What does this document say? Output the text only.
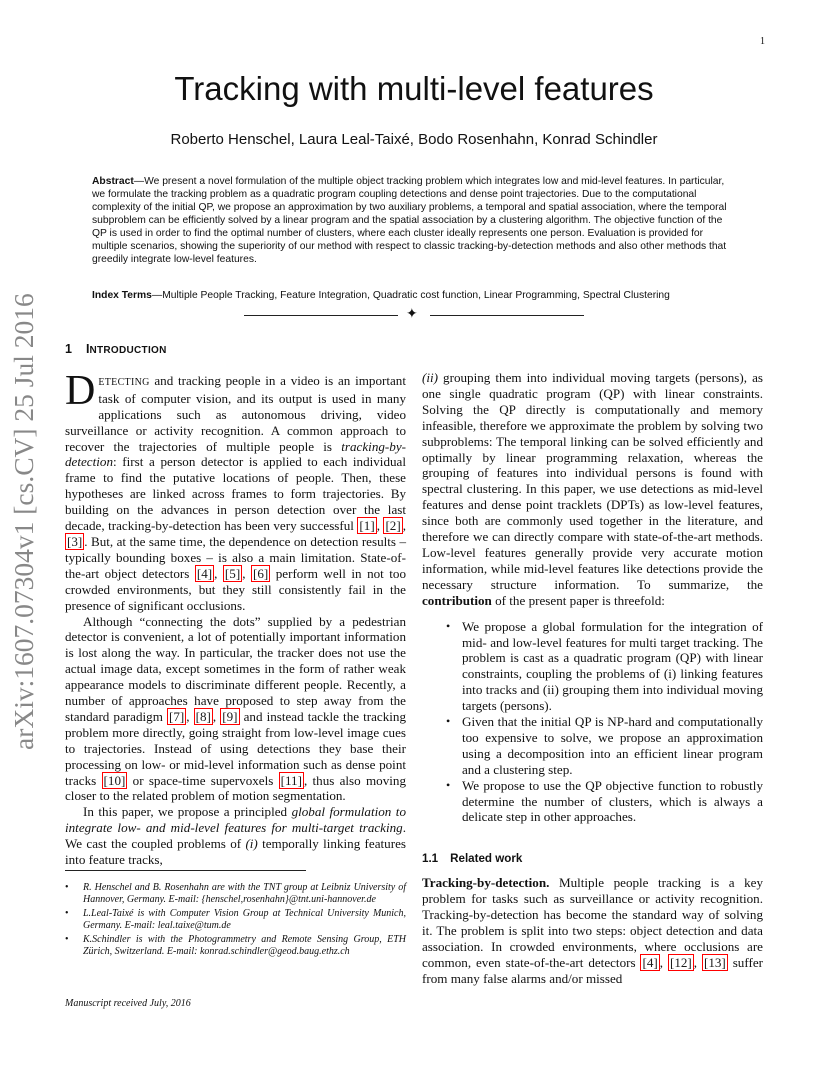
1
arXiv:1607.07304v1 [cs.CV] 25 Jul 2016
Tracking with multi-level features
Roberto Henschel, Laura Leal-Taixé, Bodo Rosenhahn, Konrad Schindler

Abstract—We present a novel formulation of the multiple object tracking problem which integrates low and mid-level features. In particular, we formulate the tracking problem as a quadratic program coupling detections and dense point trajectories. Due to the computational complexity of the initial QP, we propose an approximation by two auxiliary problems, a temporal and spatial association, where the temporal subproblem can be efficiently solved by a linear program and the spatial association by a clustering algorithm. The objective function of the QP is used in order to find the optimal number of clusters, where each cluster ideally represents one person. Evaluation is provided for multiple scenarios, showing the superiority of our method with respect to classic tracking-by-detection methods and also other methods that greedily integrate low-level features.

Index Terms—Multiple People Tracking, Feature Integration, Quadratic cost function, Linear Programming, Spectral Clustering

✦

1 INTRODUCTION

DETECTING and tracking people in a video is an important task of computer vision, and its output is used in many applications such as autonomous driving, video surveillance or activity recognition. A common approach to recover the trajectories of multiple people is tracking-by-detection: first a person detector is applied to each individual frame to find the putative locations of people. Then, these hypotheses are linked across frames to form trajectories. By building on the advances in person detection over the last decade, tracking-by-detection has been very successful [1] , [2] , [3] . But, at the same time, the dependence on detection results – typically bounding boxes – is also a main limitation. State-of-the-art object detectors [4] , [5] , [6] perform well in not too crowded environments, but they still consistently fail in the presence of significant occlusions.

Although “connecting the dots” supplied by a pedestrian detector is convenient, a lot of potentially important information is lost along the way. In particular, the tracker does not use the actual image data, except sometimes in the form of rather weak appearance models to discriminate different people. Recently, a number of approaches have proposed to step away from the standard paradigm [7] , [8] , [9] and instead tackle the tracking problem more directly, going straight from low-level image cues to trajectories. Instead of using detections they base their processing on low- or mid-level information such as dense point tracks [10] or space-time supervoxels [11] , thus also moving closer to the related problem of motion segmentation.

In this paper, we propose a principled global formulation to integrate low- and mid-level features for multi-target tracking. We cast the coupled problems of (i) temporally linking features into feature tracks,

(ii) grouping them into individual moving targets (persons), as one single quadratic program (QP) with linear constraints. Solving the QP directly is computationally and memory infeasible, therefore we approximate the problem by solving two subproblems: The temporal linking can be solved efficiently and optimally by linear programming relaxation, whereas the grouping of features into individual persons is found with spectral clustering. In this paper, we use detections as mid-level features and dense point tracklets (DPTs) as low-level features, since both are commonly used together in the literature, and therefore we can directly compare with state-of-the-art methods. Low-level features generally provide very accurate motion information, while mid-level features like detections provide the necessary structure information. To summarize, the contribution of the present paper is threefold:

• We propose a global formulation for the integration of mid- and low-level features for multi target tracking. The problem is cast as a quadratic program (QP) with linear constraints, coupling the problems of (i) linking features into tracks and (ii) grouping them into individual moving targets (persons).
• Given that the initial QP is NP-hard and computationally too expensive to solve, we propose an approximation using a decomposition into an efficient linear program and a clustering step.
• We propose to use the QP objective function to robustly determine the number of clusters, which is always a delicate step in other approaches.

1.1 Related work

Tracking-by-detection. Multiple people tracking is a key problem for tasks such as surveillance or activity recognition. Tracking-by-detection has become the standard way of solving it. The problem is split into two steps: object detection and data association. In crowded environments, where occlusions are common, even state-of-the-art detectors [4] , [12] , [13] suffer from many false alarms and/or missed

• R. Henschel and B. Rosenhahn are with the TNT group at Leibniz University of Hannover, Germany. E-mail: {henschel,rosenhahn}@tnt.uni-hannover.de
• L.Leal-Taixé is with Computer Vision Group at Technical University Munich, Germany. E-mail: leal.taixe@tum.de
• K.Schindler is with the Photogrammetry and Remote Sensing Group, ETH Zürich, Switzerland. E-mail: konrad.schindler@geod.baug.ethz.ch
Manuscript received July, 2016
